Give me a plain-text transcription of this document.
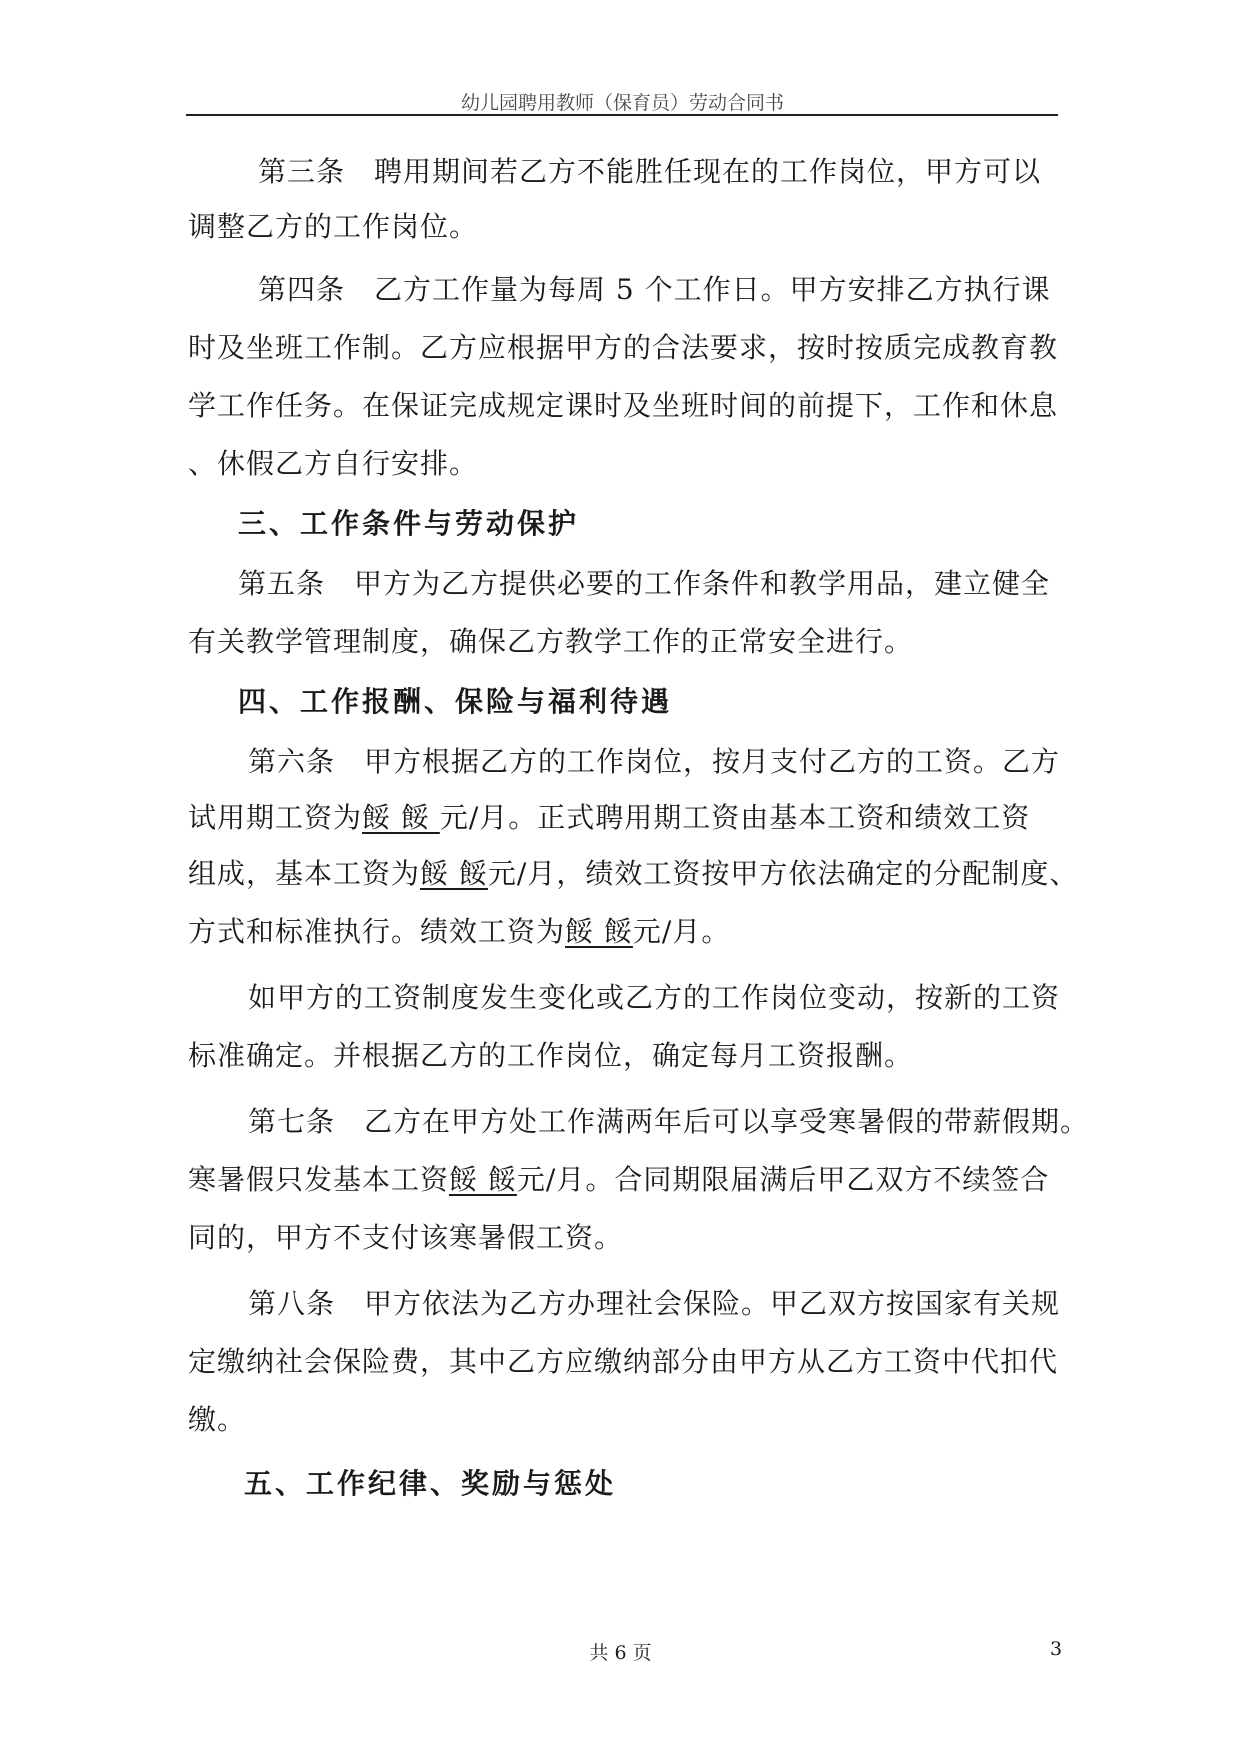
幼儿园聘用教师（保育员）劳动合同书
第三条　聘用期间若乙方不能胜任现在的工作岗位，甲方可以
调整乙方的工作岗位。
第四条　乙方工作量为每周 5 个工作日。甲方安排乙方执行课
时及坐班工作制。乙方应根据甲方的合法要求，按时按质完成教育教
学工作任务。在保证完成规定课时及坐班时间的前提下，工作和休息
、休假乙方自行安排。
三、工作条件与劳动保护
第五条　甲方为乙方提供必要的工作条件和教学用品，建立健全
有关教学管理制度，确保乙方教学工作的正常安全进行。
四、工作报酬、保险与福利待遇
第六条　甲方根据乙方的工作岗位，按月支付乙方的工资。乙方
试用期工资为餒 餒 元/月。正式聘用期工资由基本工资和绩效工资
组成，基本工资为餒 餒元/月，绩效工资按甲方依法确定的分配制度、
方式和标准执行。绩效工资为餒 餒元/月。
如甲方的工资制度发生变化或乙方的工作岗位变动，按新的工资
标准确定。并根据乙方的工作岗位，确定每月工资报酬。
第七条　乙方在甲方处工作满两年后可以享受寒暑假的带薪假期。
寒暑假只发基本工资餒 餒元/月。合同期限届满后甲乙双方不续签合
同的，甲方不支付该寒暑假工资。
第八条　甲方依法为乙方办理社会保险。甲乙双方按国家有关规
定缴纳社会保险费，其中乙方应缴纳部分由甲方从乙方工资中代扣代
缴。
五、工作纪律、奖励与惩处
共 6 页	3
